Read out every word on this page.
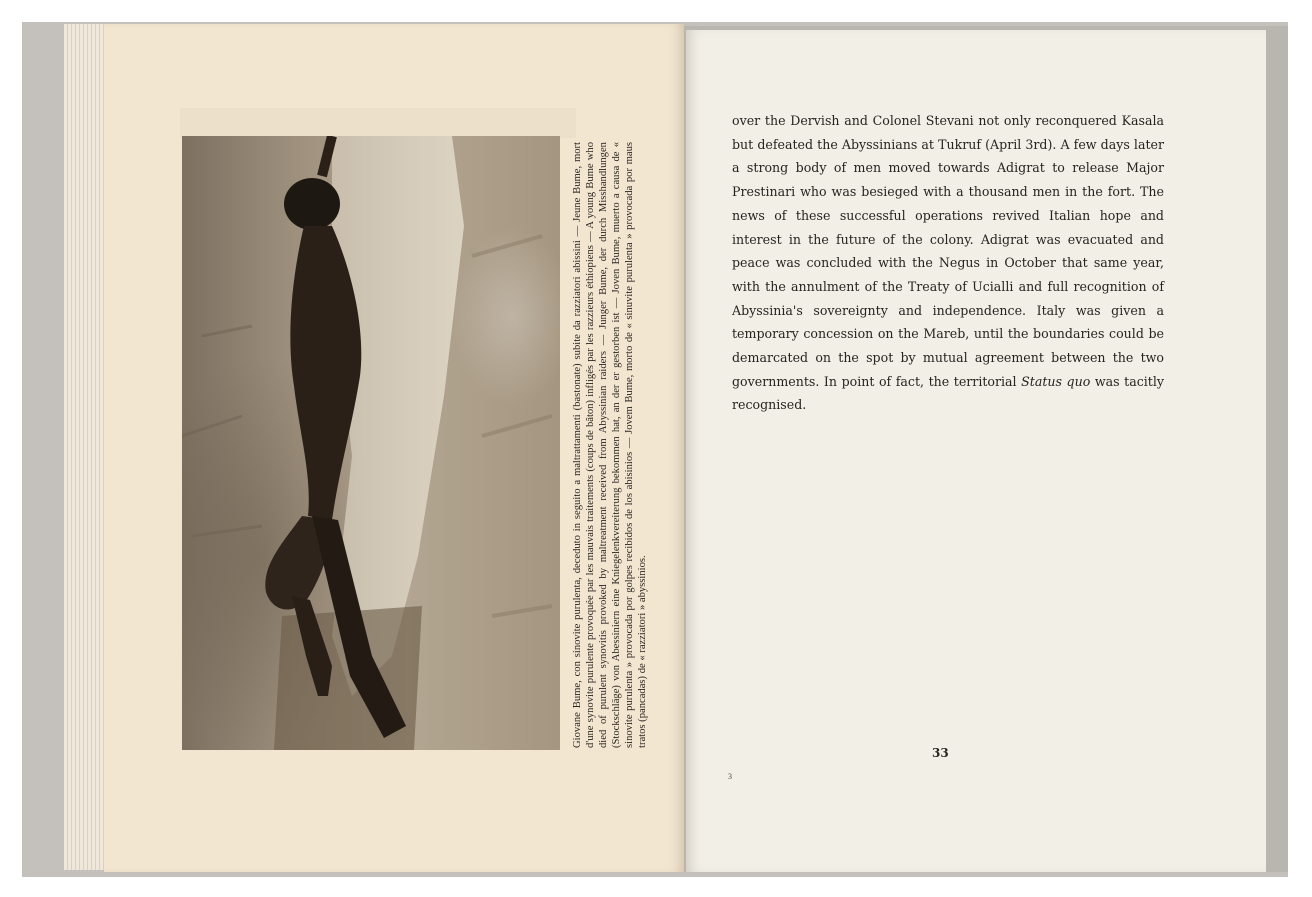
Giovane Bume, con sinovite purulenta, deceduto in seguito a maltrattamenti (bastonate) subite da razziatori abissini — Jeune Bume, mort d'une synovite purulente provoquée par les mauvais traitements (coups de bâton) infligés par les razzieurs éthiopiens — A young Bume who died of purulent synovitis provoked by maltreatment received from Abyssinian raiders — Junger Bume, der durch Misshandlungen (Stockschläge) von Abessiniern eine Kniegelenkvereiterung bekommen hat, an der er gestorben ist — Joven Bume, muerto a causa de « sinovite purulenta » provocada por golpes recibidos de los abisinios — Jovem Bume, morto de « sinuvite purulenta » provocada por maus tratos (pancadas) de « razziatori » abyssinios.
over the Dervish and Colonel Stevani not only reconquered Kasala but defeated the Abyssinians at Tukruf (April 3rd). A few days later a strong body of men moved towards Adigrat to release Major Prestinari who was besieged with a thousand men in the fort. The news of these successful operations revived Italian hope and interest in the future of the colony. Adigrat was evacuated and peace was concluded with the Negus in October that same year, with the annulment of the Treaty of Ucialli and full recognition of Abyssinia's sovereignty and independence. Italy was given a temporary concession on the Mareb, until the boundaries could be demarcated on the spot by mutual agreement between the two governments. In point of fact, the territorial Status quo was tacitly recognised.
33
3
